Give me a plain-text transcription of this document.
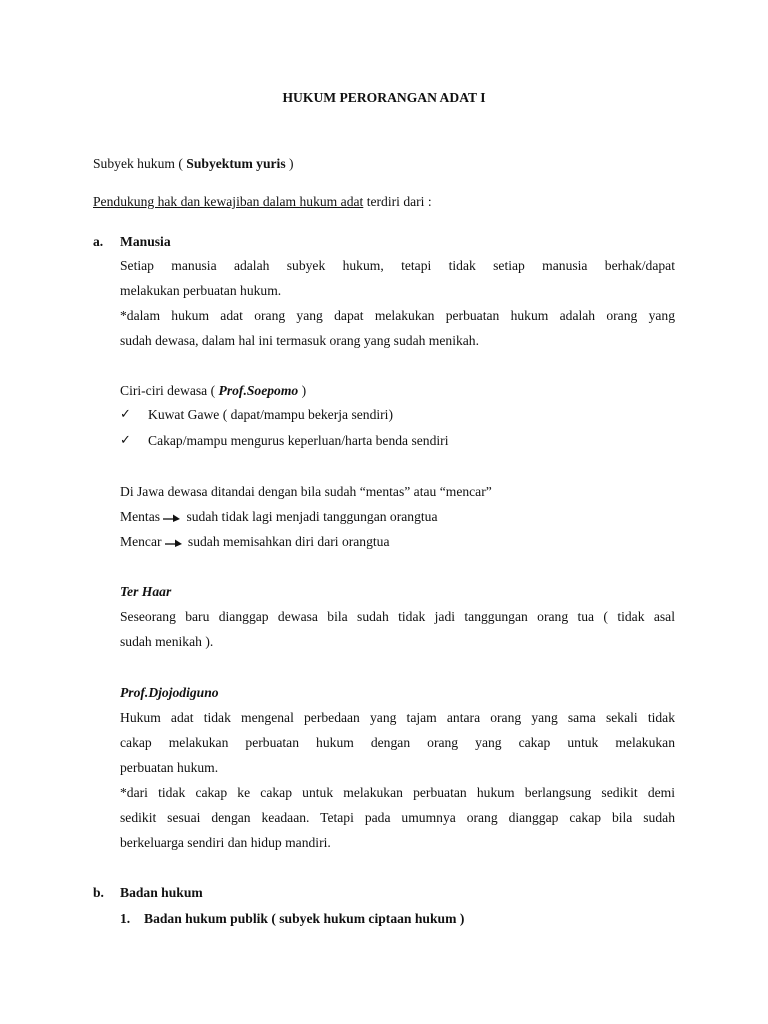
HUKUM PERORANGAN ADAT I
Subyek hukum ( Subyektum yuris )
Pendukung hak dan kewajiban dalam hukum adat terdiri dari :
a. Manusia
Setiap manusia adalah subyek hukum, tetapi tidak setiap manusia berhak/dapat
melakukan perbuatan hukum.
*dalam hukum adat orang yang dapat melakukan perbuatan hukum adalah orang yang
sudah dewasa, dalam hal ini termasuk orang yang sudah menikah.
Ciri-ciri dewasa ( Prof.Soepomo )
✓ Kuwat Gawe ( dapat/mampu bekerja sendiri)
✓ Cakap/mampu mengurus keperluan/harta benda sendiri
Di Jawa dewasa ditandai dengan bila sudah “mentas” atau “mencar”
Mentas sudah tidak lagi menjadi tanggungan orangtua
Mencar sudah memisahkan diri dari orangtua
Ter Haar
Seseorang baru dianggap dewasa bila sudah tidak jadi tanggungan orang tua ( tidak asal
sudah menikah ).
Prof.Djojodiguno
Hukum adat tidak mengenal perbedaan yang tajam antara orang yang sama sekali tidak
cakap melakukan perbuatan hukum dengan orang yang cakap untuk melakukan
perbuatan hukum.
*dari tidak cakap ke cakap untuk melakukan perbuatan hukum berlangsung sedikit demi
sedikit sesuai dengan keadaan. Tetapi pada umumnya orang dianggap cakap bila sudah
berkeluarga sendiri dan hidup mandiri.
b. Badan hukum
1. Badan hukum publik ( subyek hukum ciptaan hukum )
